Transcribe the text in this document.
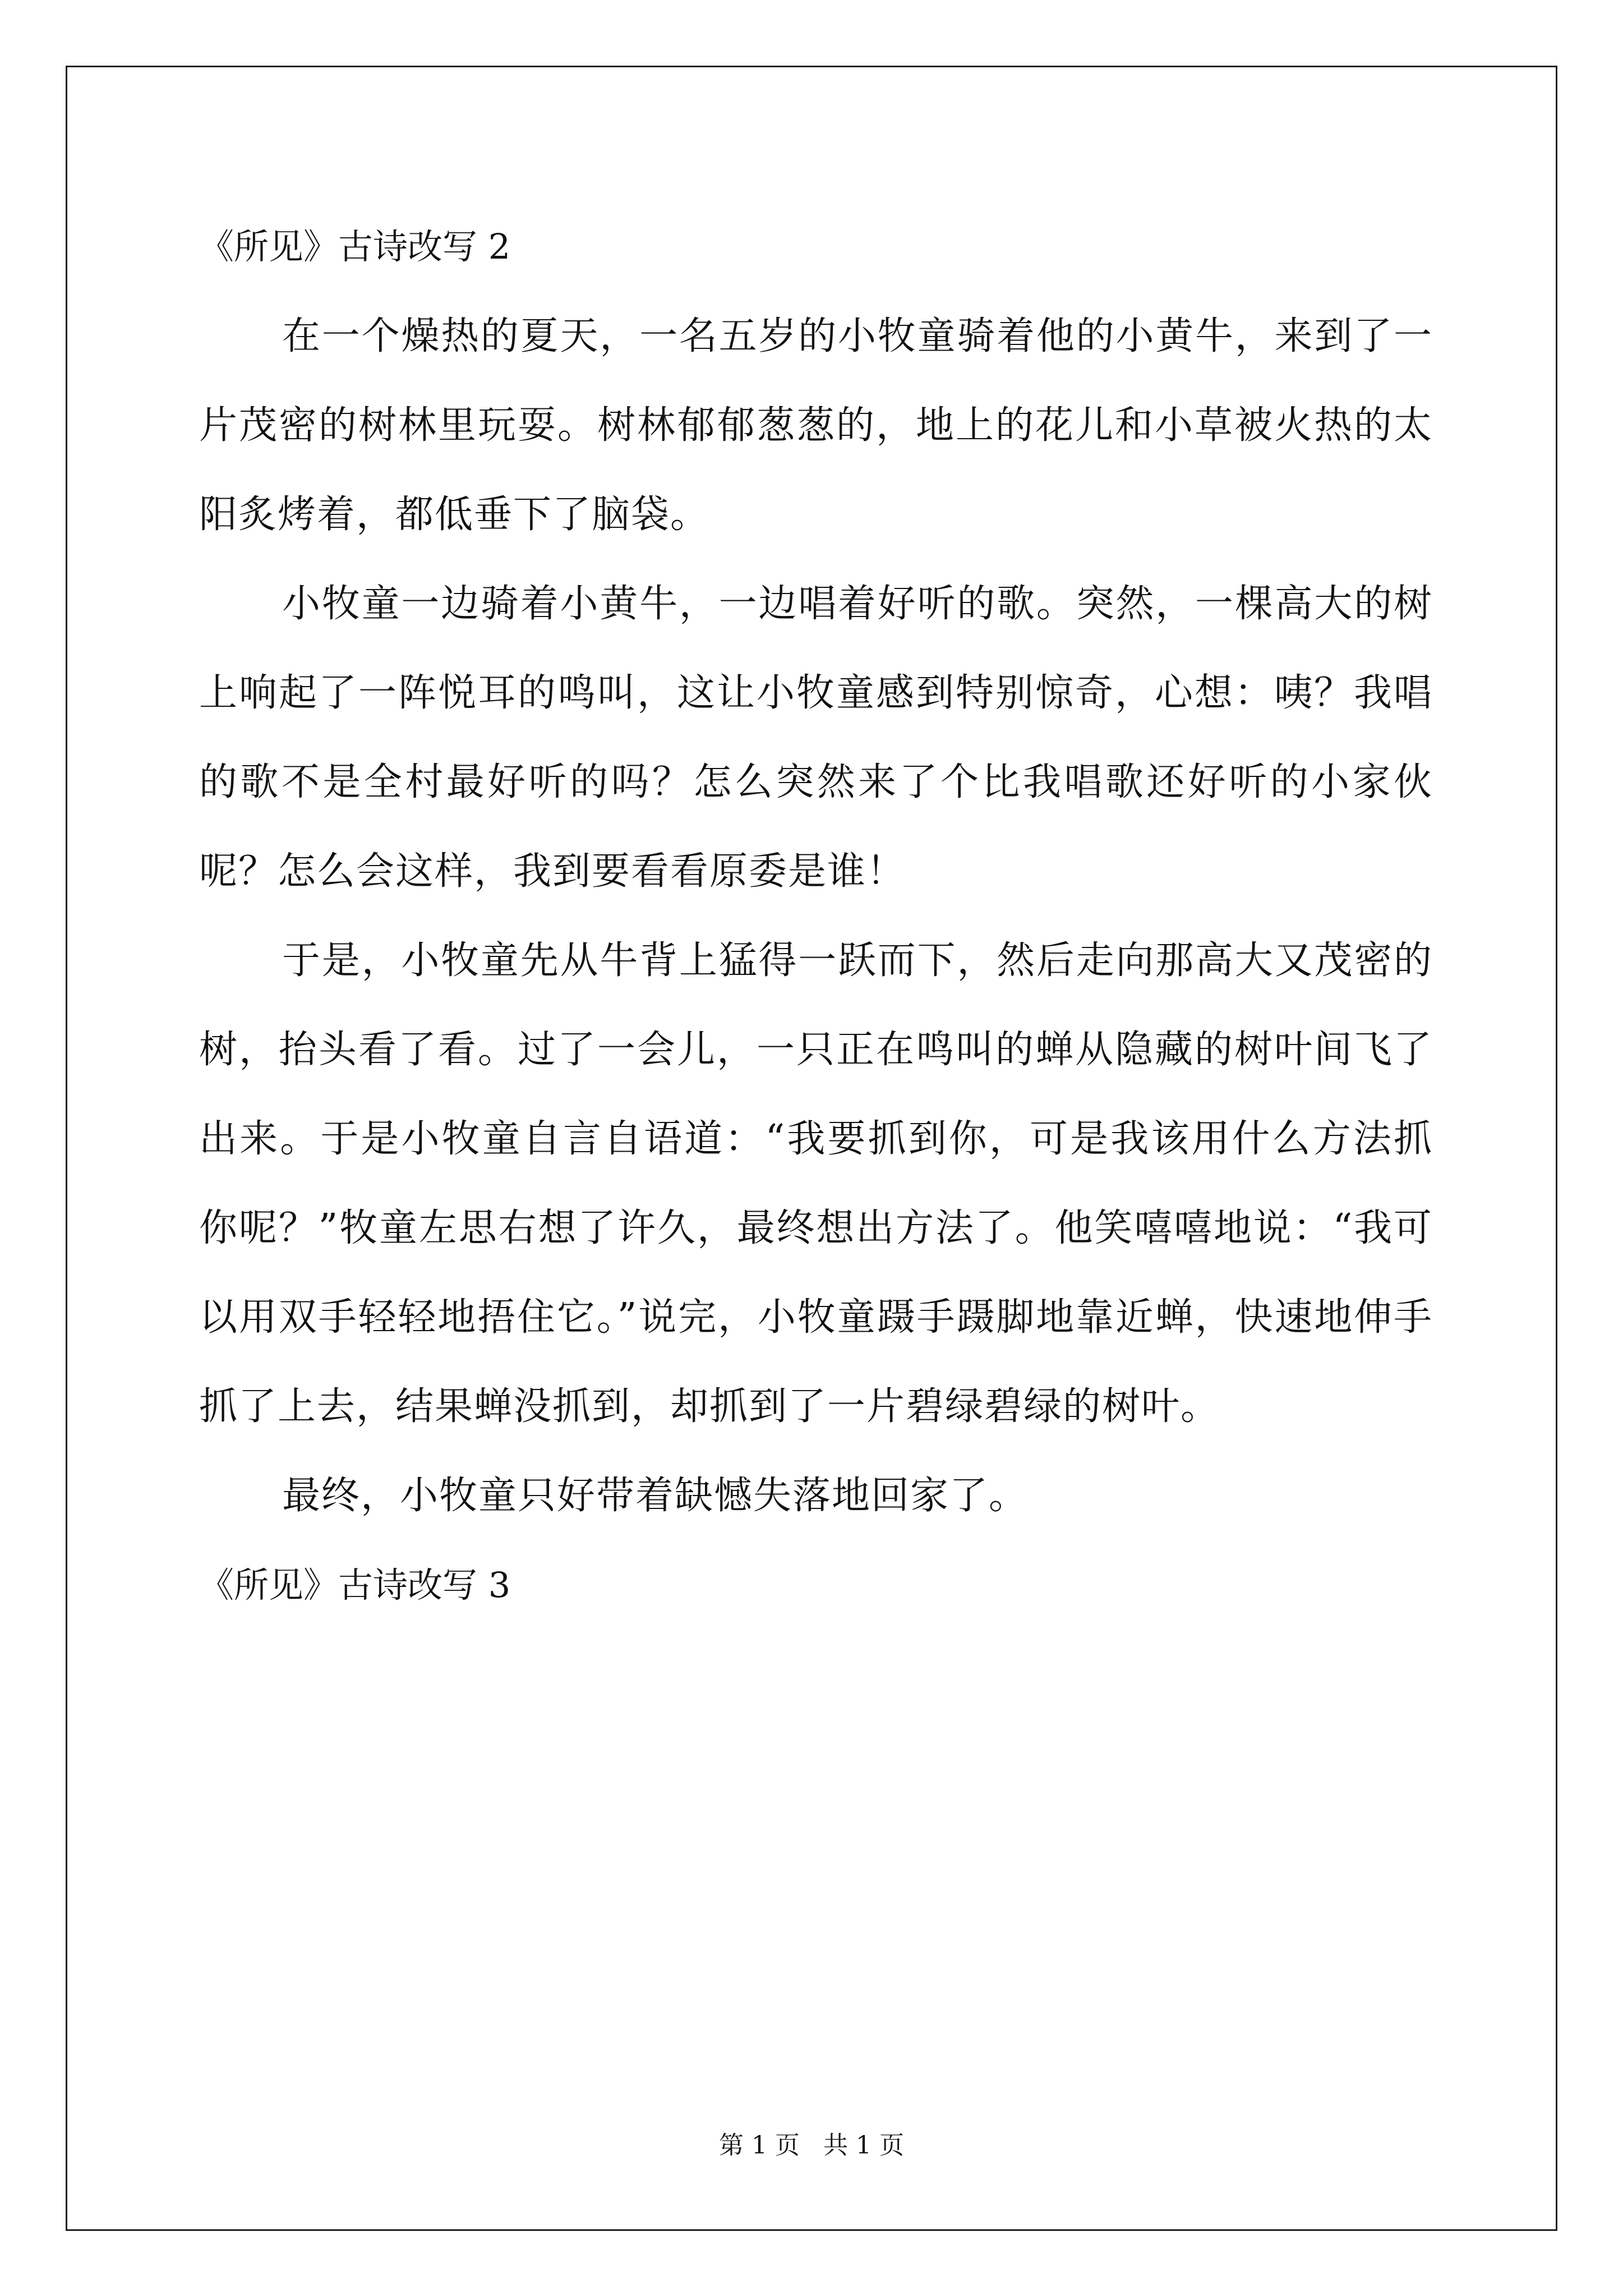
《所见》古诗改写 2

在一个燥热的夏天，一名五岁的小牧童骑着他的小黄牛，来到了一片茂密的树林里玩耍。树林郁郁葱葱的，地上的花儿和小草被火热的太阳炙烤着，都低垂下了脑袋。

小牧童一边骑着小黄牛，一边唱着好听的歌。突然，一棵高大的树上响起了一阵悦耳的鸣叫，这让小牧童感到特别惊奇，心想：咦？我唱的歌不是全村最好听的吗？怎么突然来了个比我唱歌还好听的小家伙呢？怎么会这样，我到要看看原委是谁！

于是，小牧童先从牛背上猛得一跃而下，然后走向那高大又茂密的树，抬头看了看。过了一会儿，一只正在鸣叫的蝉从隐藏的树叶间飞了出来。于是小牧童自言自语道：“我要抓到你，可是我该用什么方法抓你呢？”牧童左思右想了许久，最终想出方法了。他笑嘻嘻地说：“我可以用双手轻轻地捂住它。”说完，小牧童蹑手蹑脚地靠近蝉，快速地伸手抓了上去，结果蝉没抓到，却抓到了一片碧绿碧绿的树叶。

最终，小牧童只好带着缺憾失落地回家了。

《所见》古诗改写 3
第 1 页   共 1 页
